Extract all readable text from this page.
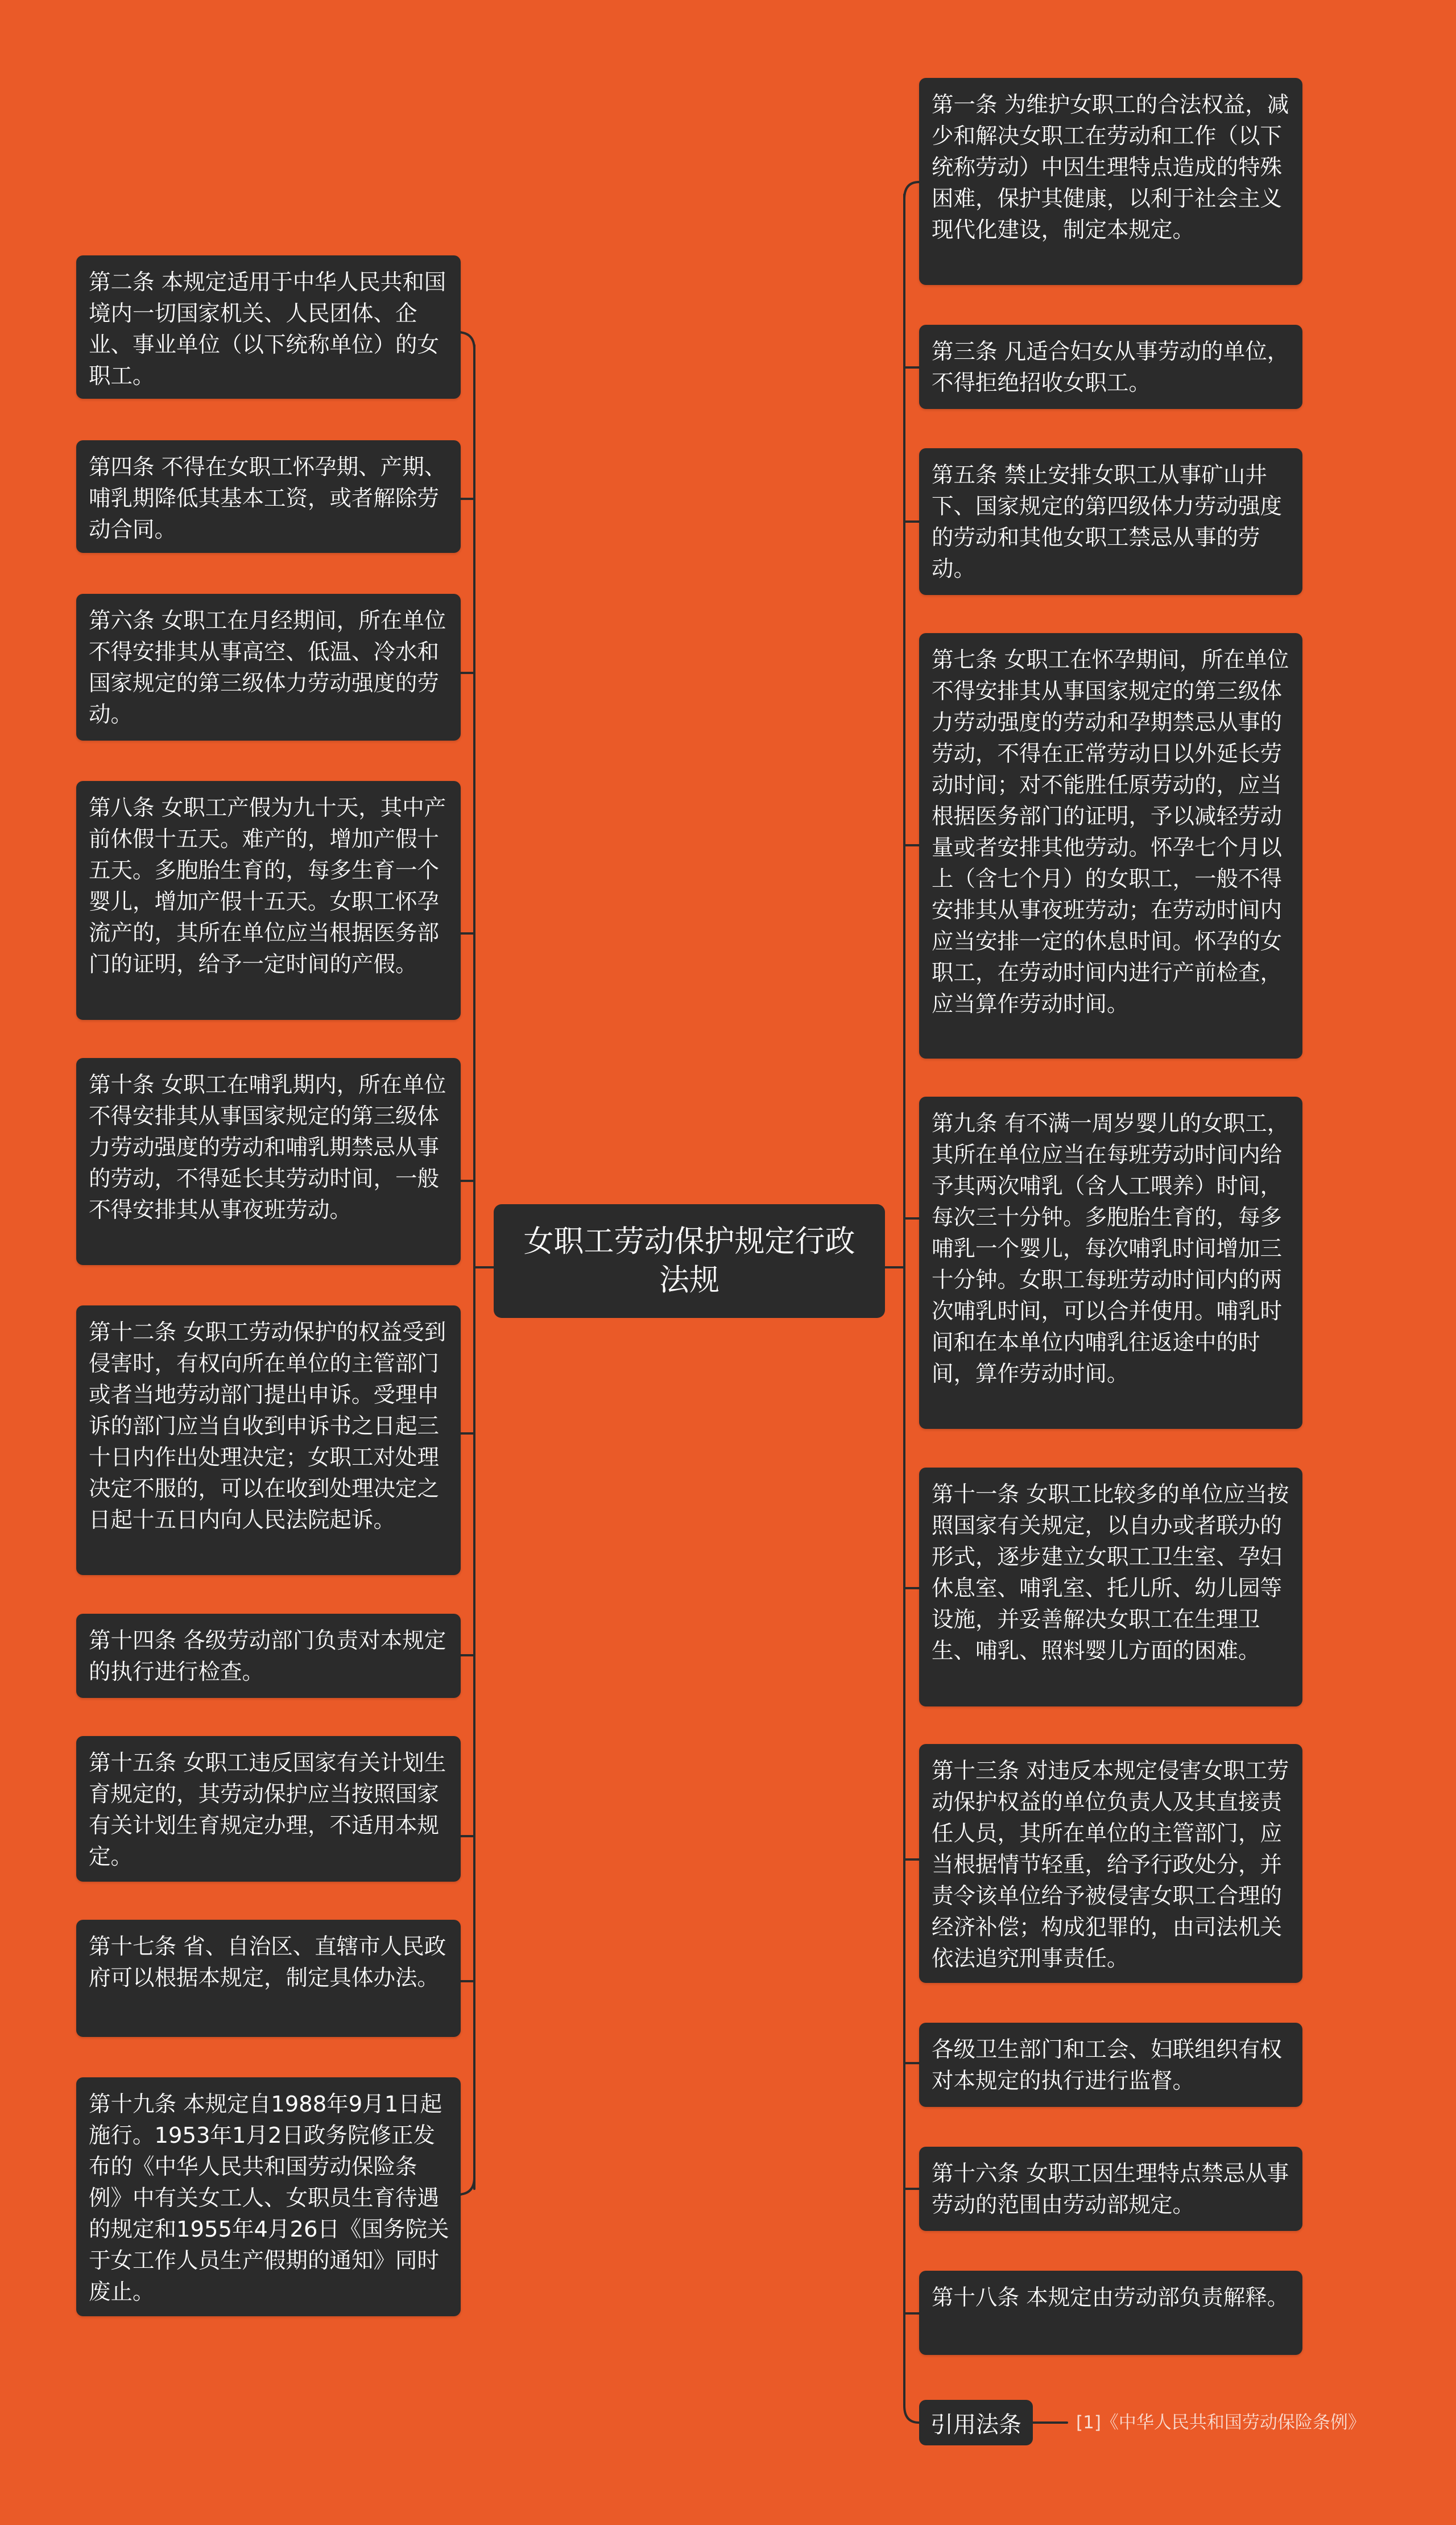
第二条 本规定适用于中华人民共和国境内一切国家机关、人民团体、企业、事业单位（以下统称单位）的女职工。
第四条 不得在女职工怀孕期、产期、哺乳期降低其基本工资，或者解除劳动合同。
第六条 女职工在月经期间，所在单位不得安排其从事高空、低温、冷水和国家规定的第三级体力劳动强度的劳动。
第八条 女职工产假为九十天，其中产前休假十五天。难产的，增加产假十五天。多胞胎生育的，每多生育一个婴儿，增加产假十五天。女职工怀孕流产的，其所在单位应当根据医务部门的证明，给予一定时间的产假。
第十条 女职工在哺乳期内，所在单位不得安排其从事国家规定的第三级体力劳动强度的劳动和哺乳期禁忌从事的劳动，不得延长其劳动时间，一般不得安排其从事夜班劳动。
第十二条 女职工劳动保护的权益受到侵害时，有权向所在单位的主管部门或者当地劳动部门提出申诉。受理申诉的部门应当自收到申诉书之日起三十日内作出处理决定；女职工对处理决定不服的，可以在收到处理决定之日起十五日内向人民法院起诉。
第十四条 各级劳动部门负责对本规定的执行进行检查。
第十五条 女职工违反国家有关计划生育规定的，其劳动保护应当按照国家有关计划生育规定办理，不适用本规定。
第十七条 省、自治区、直辖市人民政府可以根据本规定，制定具体办法。
第十九条 本规定自1988年9月1日起施行。1953年1月2日政务院修正发布的《中华人民共和国劳动保险条例》中有关女工人、女职员生育待遇的规定和1955年4月26日《国务院关于女工作人员生产假期的通知》同时废止。
女职工劳动保护规定行政法规
第一条 为维护女职工的合法权益，减少和解决女职工在劳动和工作（以下统称劳动）中因生理特点造成的特殊困难，保护其健康，以利于社会主义现代化建设，制定本规定。
第三条 凡适合妇女从事劳动的单位，不得拒绝招收女职工。
第五条 禁止安排女职工从事矿山井下、国家规定的第四级体力劳动强度的劳动和其他女职工禁忌从事的劳动。
第七条 女职工在怀孕期间，所在单位不得安排其从事国家规定的第三级体力劳动强度的劳动和孕期禁忌从事的劳动，不得在正常劳动日以外延长劳动时间；对不能胜任原劳动的，应当根据医务部门的证明，予以减轻劳动量或者安排其他劳动。怀孕七个月以上（含七个月）的女职工，一般不得安排其从事夜班劳动；在劳动时间内应当安排一定的休息时间。怀孕的女职工，在劳动时间内进行产前检查，应当算作劳动时间。
第九条 有不满一周岁婴儿的女职工，其所在单位应当在每班劳动时间内给予其两次哺乳（含人工喂养）时间，每次三十分钟。多胞胎生育的，每多哺乳一个婴儿，每次哺乳时间增加三十分钟。女职工每班劳动时间内的两次哺乳时间，可以合并使用。哺乳时间和在本单位内哺乳往返途中的时间，算作劳动时间。
第十一条 女职工比较多的单位应当按照国家有关规定，以自办或者联办的形式，逐步建立女职工卫生室、孕妇休息室、哺乳室、托儿所、幼儿园等设施，并妥善解决女职工在生理卫生、哺乳、照料婴儿方面的困难。
第十三条 对违反本规定侵害女职工劳动保护权益的单位负责人及其直接责任人员，其所在单位的主管部门，应当根据情节轻重，给予行政处分，并责令该单位给予被侵害女职工合理的经济补偿；构成犯罪的，由司法机关依法追究刑事责任。
各级卫生部门和工会、妇联组织有权对本规定的执行进行监督。
第十六条 女职工因生理特点禁忌从事劳动的范围由劳动部规定。
第十八条 本规定由劳动部负责解释。
引用法条	[1]《中华人民共和国劳动保险条例》
